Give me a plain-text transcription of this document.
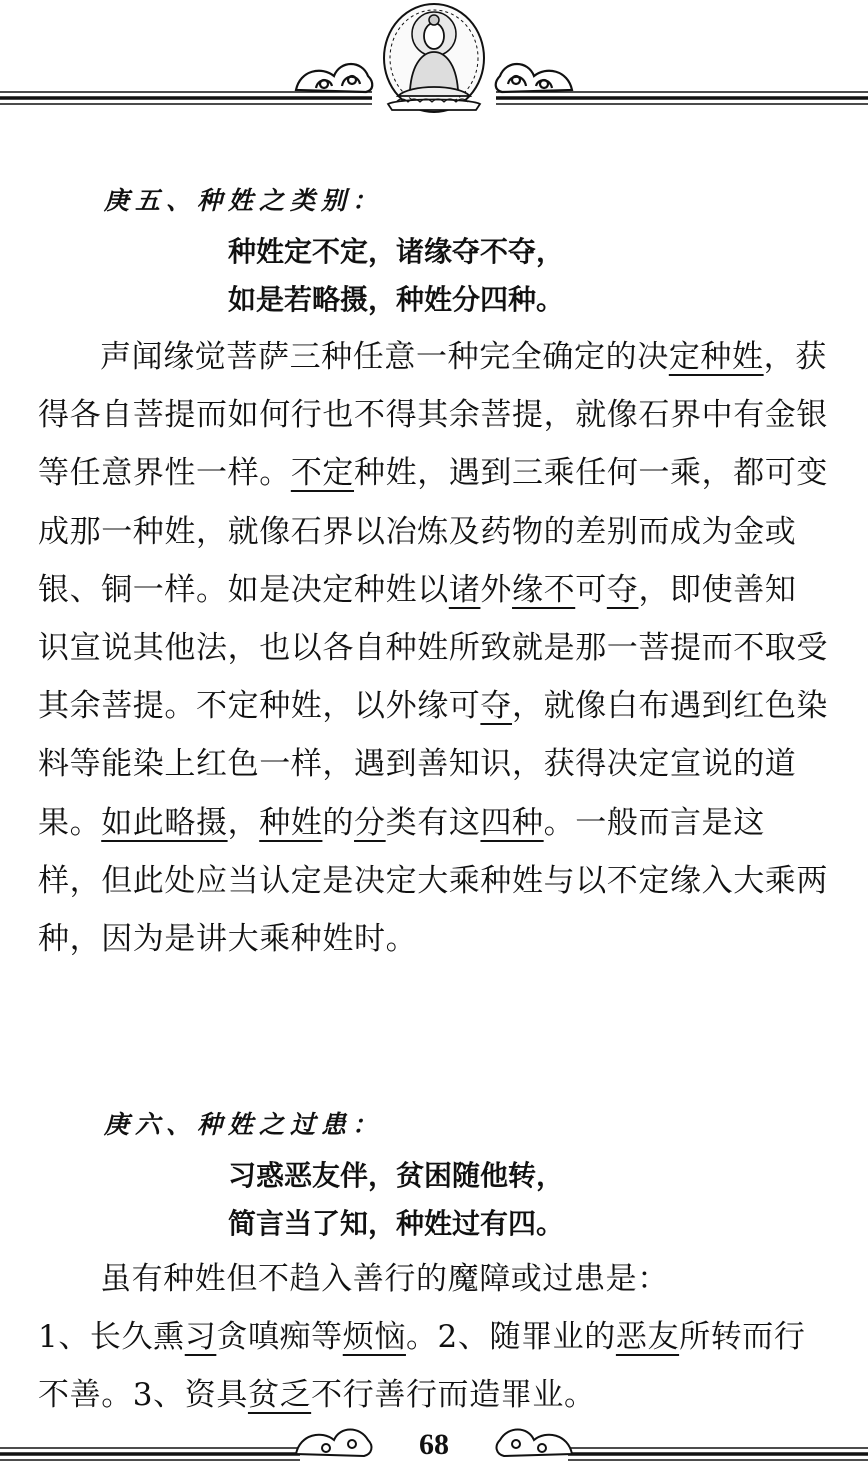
庚五、种姓之类别：
种姓定不定，诸缘夺不夺，
如是若略摄，种姓分四种。

声闻缘觉菩萨三种任意一种完全确定的决定种姓，获得各自菩提而如何行也不得其余菩提，就像石界中有金银等任意界性一样。不定种姓，遇到三乘任何一乘，都可变成那一种姓，就像石界以冶炼及药物的差别而成为金或银、铜一样。如是决定种姓以诸外缘不可夺，即使善知识宣说其他法，也以各自种姓所致就是那一菩提而不取受其余菩提。不定种姓，以外缘可夺，就像白布遇到红色染料等能染上红色一样，遇到善知识，获得决定宣说的道果。如此略摄，种姓的分类有这四种。一般而言是这样，但此处应当认定是决定大乘种姓与以不定缘入大乘两种，因为是讲大乘种姓时。

庚六、种姓之过患：
习惑恶友伴，贫困随他转，
简言当了知，种姓过有四。

虽有种姓但不趋入善行的魔障或过患是：

1、长久熏习贪嗔痴等烦恼。2、随罪业的恶友所转而行不善。3、资具贫乏不行善行而造罪业。

68
